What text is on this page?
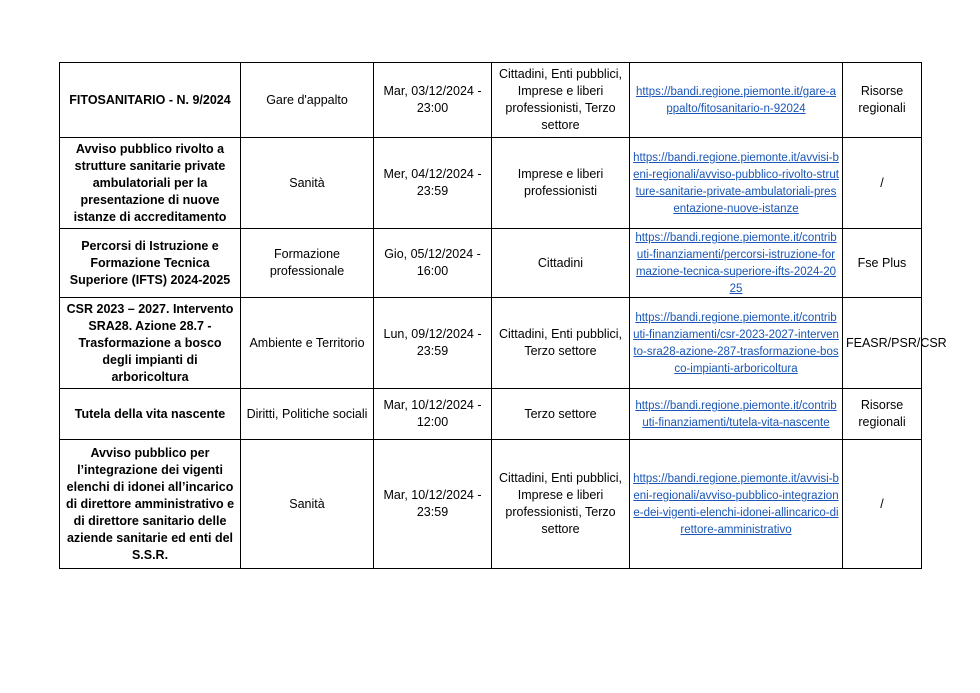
FITOSANITARIO - N. 9/2024	Gare d'appalto	Mar, 03/12/2024 - 23:00	Cittadini, Enti pubblici, Imprese e liberi professionisti, Terzo settore	https://bandi.regione.piemonte.it/gare-appalto/fitosanitario-n-92024	Risorse regionali
Avviso pubblico rivolto a strutture sanitarie private ambulatoriali per la presentazione di nuove istanze di accreditamento	Sanità	Mer, 04/12/2024 - 23:59	Imprese e liberi professionisti	https://bandi.regione.piemonte.it/avvisi-beni-regionali/avviso-pubblico-rivolto-strutture-sanitarie-private-ambulatoriali-presentazione-nuove-istanze	/
Percorsi di Istruzione e Formazione Tecnica Superiore (IFTS) 2024-2025	Formazione professionale	Gio, 05/12/2024 - 16:00	Cittadini	https://bandi.regione.piemonte.it/contributi-finanziamenti/percorsi-istruzione-formazione-tecnica-superiore-ifts-2024-2025	Fse Plus
CSR 2023 – 2027. Intervento SRA28. Azione 28.7 - Trasformazione a bosco degli impianti di arboricoltura	Ambiente e Territorio	Lun, 09/12/2024 - 23:59	Cittadini, Enti pubblici, Terzo settore	https://bandi.regione.piemonte.it/contributi-finanziamenti/csr-2023-2027-intervento-sra28-azione-287-trasformazione-bosco-impianti-arboricoltura	FEASR/PSR/CSR
Tutela della vita nascente	Diritti, Politiche sociali	Mar, 10/12/2024 - 12:00	Terzo settore	https://bandi.regione.piemonte.it/contributi-finanziamenti/tutela-vita-nascente	Risorse regionali
Avviso pubblico per l’integrazione dei vigenti elenchi di idonei all’incarico di direttore amministrativo e di direttore sanitario delle aziende sanitarie ed enti del S.S.R.	Sanità	Mar, 10/12/2024 - 23:59	Cittadini, Enti pubblici, Imprese e liberi professionisti, Terzo settore	https://bandi.regione.piemonte.it/avvisi-beni-regionali/avviso-pubblico-integrazione-dei-vigenti-elenchi-idonei-allincarico-direttore-amministrativo	/
